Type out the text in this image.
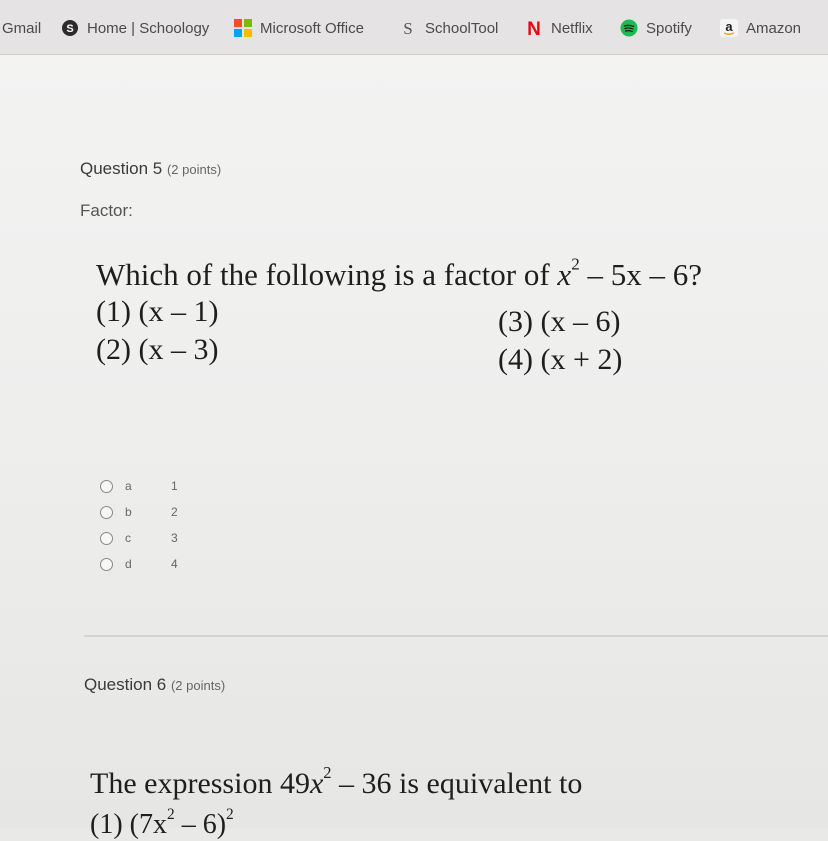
Gmail S Home | Schoology	Microsoft Office S SchoolTool N Netflix	Spotify	a Amazon
Question 5 (2 points)
Factor:
Which of the following is a factor of $x^2 - 5x - 6$?
(1) (x – 1)
(2) (x – 3)
(3) (x – 6)
(4) (x + 2)
a	1
b	2
c	3
d	4
Question 6 (2 points)
The expression $49x^2 - 36$ is equivalent to
(1) $(7x^2 - 6)^2$
